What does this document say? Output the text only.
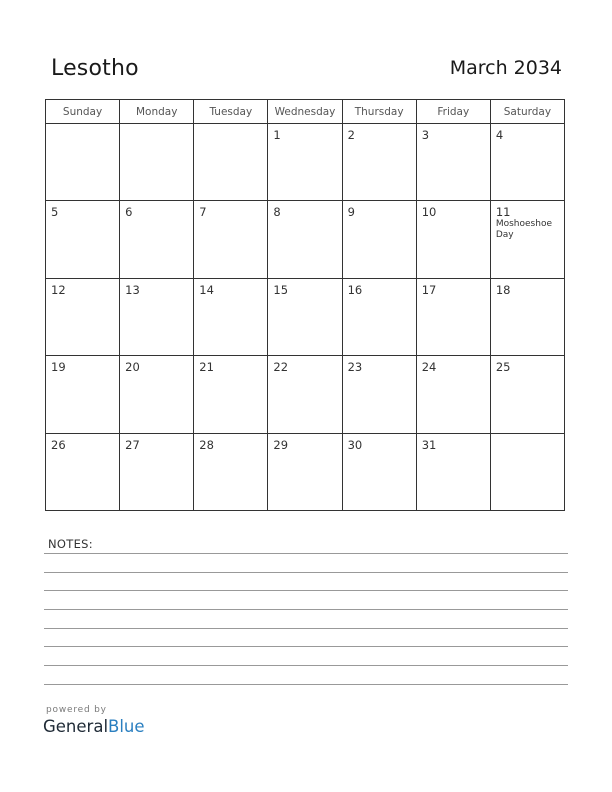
Lesotho	March 2034
Sunday	Monday	Tuesday	Wednesday	Thursday	Friday	Saturday

			1	2	3	4

5	6	7	8	9	10	11
Moshoeshoe Day

12	13	14	15	16	17	18

19	20	21	22	23	24	25

26	27	28	29	30	31	

NOTES:
powered by
GeneralBlue
